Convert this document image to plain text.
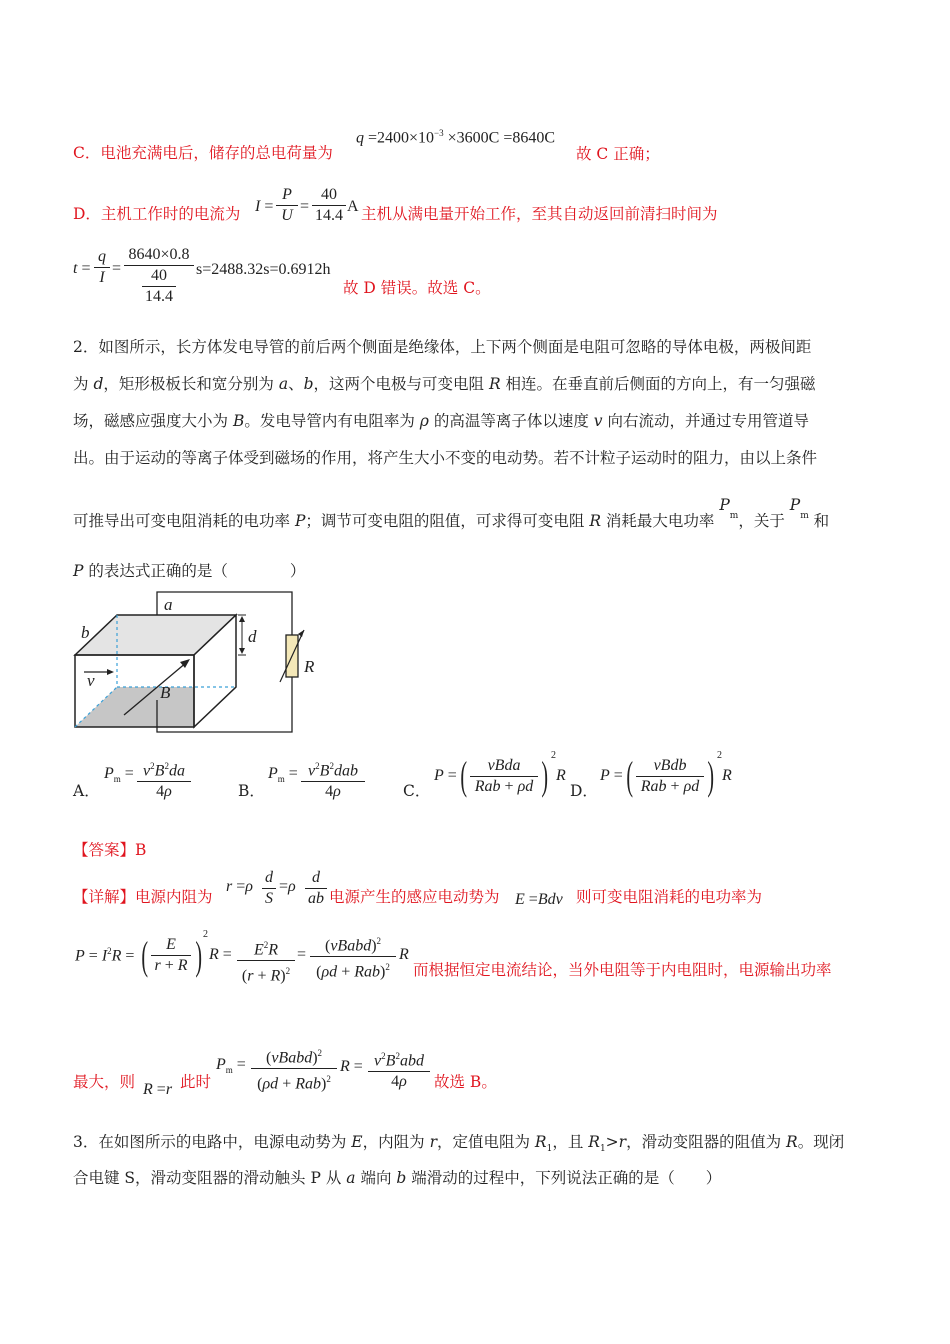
C．电池充满电后，储存的总电荷量为
$q =2400\times 10^{-3} \times 3600C =8640C$
故 C 正确；
D．主机工作时的电流为 I =
P
U
=
40
14.4
A 主机从满电量开始工作，至其自动返回前清扫时间为
t =
q
I
=
8640×0.8
40
14.4
s=2488.32s=0.6912h
故 D 错误。故选 C。
2．如图所示，长方体发电导管的前后两个侧面是绝缘体，上下两个侧面是电阻可忽略的导体电极，两极间距
为 d，矩形极板长和宽分别为 a、b，这两个电极与可变电阻 R 相连。在垂直前后侧面的方向上，有一匀强磁
场，磁感应强度大小为 B。发电导管内有电阻率为 ρ 的高温等离子体以速度 v 向右流动，并通过专用管道导
出。由于运动的等离子体受到磁场的作用，将产生大小不变的电动势。若不计粒子运动时的阻力，由以上条件
可推导出可变电阻消耗的电功率 P；调节可变电阻的阻值，可求得可变电阻 R 消耗最大电功率 $P_m$，关于 $P_m$ 和
P 的表达式正确的是（　　　　）
a
b	d
v
B
R
A．
$P_m = v^2B^2da$
4ρ	B．
$P_m = v^2B^2dab$
4ρ	C．
P = (	vBda
Rab + ρd ) 2
R
D．
P = (	vBdb
Rab + ρd ) 2
R
【答案】B
【详解】电源内阻为
r =ρ
d
S
=ρ
d
ab 电源产生的感应电动势为 E =Bdv 则可变电阻消耗的电功率为
$P = I^2R$ = (	E
r + R ) 2
R =	$E^2R$
$(r + R)^2$
=
(vBabd)$^2$
(ρd + Rab)$^2$
R
而根据恒定电流结论，当外电阻等于内电阻时，电源输出功率
最大，则 R =r 此时
$P_m$ =	(vBabd)$^2$
(ρd + Rab)$^2$
$R = v^2B^2abd$
4ρ	故选 B。
3．在如图所示的电路中，电源电动势为 E，内阻为 r，定值电阻为 $R_1$，且 $R_1>r$，滑动变阻器的阻值为 R。现闭
合电键 S，滑动变阻器的滑动触头 P 从 a 端向 b 端滑动的过程中，下列说法正确的是（　　）
